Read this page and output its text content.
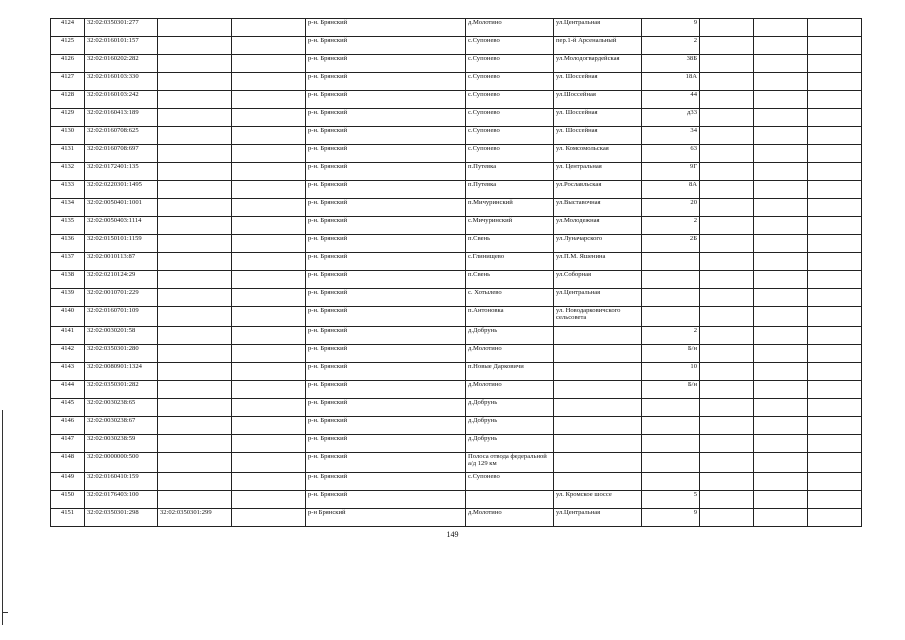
4124	32:02:0350301:277			р-н. Брянский	д.Молотино	ул.Центральная	9			
4125	32:02:0160101:157			р-н. Брянский	с.Супонево	пер.1-й Арсенальный	2			
4126	32:02:0160202:282			р-н. Брянский	с.Супонево	ул.Молодогвардейская	38Б			
4127	32:02:0160103:330			р-н. Брянский	с.Супонево	ул. Шоссейная	18А			
4128	32:02:0160103:242			р-н. Брянский	с.Супонево	ул.Шоссейная	44			
4129	32:02:0160413:189			р-н. Брянский	с.Супонево	ул. Шоссейная	д33			
4130	32:02:0160708:625			р-н. Брянский	с.Супонево	ул. Шоссейная	34			
4131	32:02:0160708:697			р-н. Брянский	с.Супонево	ул. Комсомольская	63			
4132	32:02:0172401:135			р-н. Брянский	п.Путевка	ул. Центральная	9Г			
4133	32:02:0220301:1495			р-н. Брянский	п.Путевка	ул.Рославльская	8А			
4134	32:02:0050401:1001			р-н. Брянский	п.Мичуринский	ул.Выставочная	20			
4135	32:02:0050403:1114			р-н. Брянский	с.Мичуринский	ул.Молодежная	2			
4136	32:02:0150101:1159			р-н. Брянский	п.Свень	ул.Луначарского	2Б			
4137	32:02:0010113:87			р-н. Брянский	с.Глинищево	ул.П.М. Яшенина				
4138	32:02:0210124:29			р-н. Брянский	п.Свень	ул.Соборная				
4139	32:02:0010701:229			р-н. Брянский	с. Хотылево	ул.Центральная				
4140	32:02:0160701:109			р-н. Брянский	п.Антоновка	ул. Новодарковичского сельсовета				
4141	32:02:0030201:58			р-н. Брянский	д.Добрунь		2			
4142	32:02:0350301:280			р-н. Брянский	д.Молотино		Б/н			
4143	32:02:0080901:1324			р-н. Брянский	п.Новые Дарковичи		10			
4144	32:02:0350301:282			р-н. Брянский	д.Молотино		Б/н			
4145	32:02:0030238:65			р-н. Брянский	д.Добрунь					
4146	32:02:0030238:67			р-н. Брянский	д.Добрунь					
4147	32:02:0030238:59			р-н. Брянский	д.Добрунь					
4148	32:02:0000000:500			р-н. Брянский	Полоса отвода федеральной а/д 129 км					
4149	32:02:0160410:159			р-н. Брянский	с.Супонево					
4150	32:02:0176403:100			р-н. Брянский		ул. Кромское шоссе	5			
4151	32:02:0350301:298	32:02:0350301:299		р-н Брянский	д.Молотино	ул.Центральная	9			
149
